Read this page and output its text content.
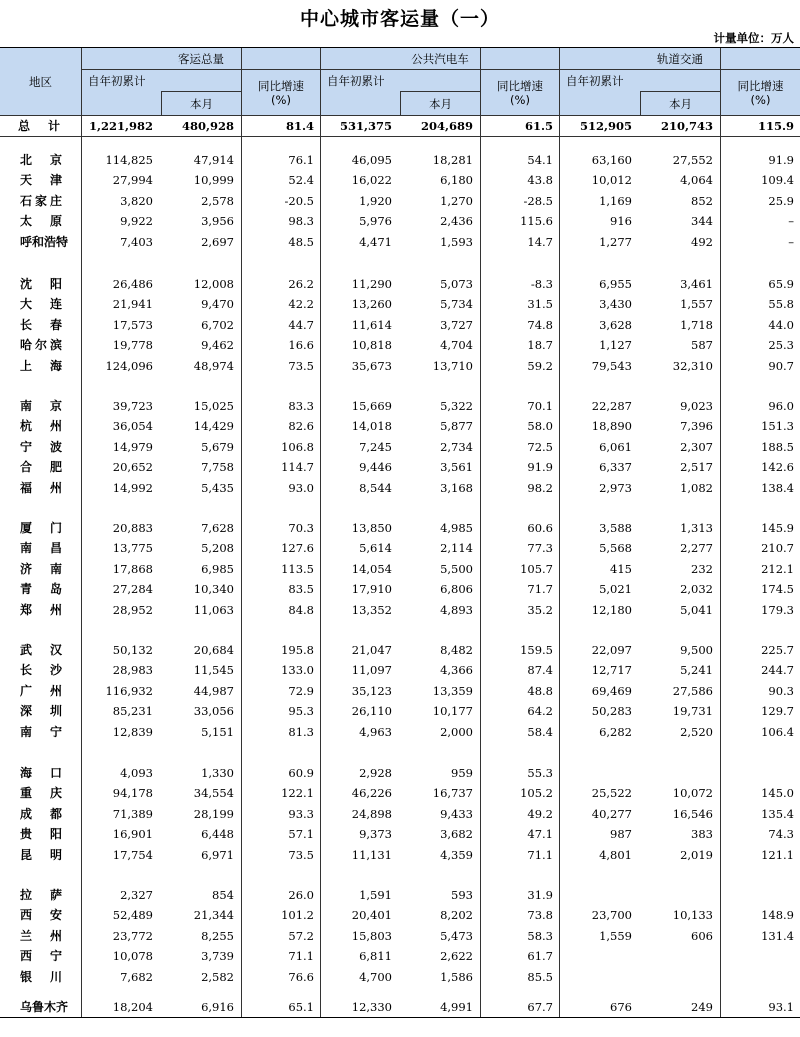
中心城市客运量（一）
计量单位：万人
地区
客运总量	公共汽电车	轨道交通
自年初累计
本月
同比增速
(%)
自年初累计
本月
同比增速
(%)
自年初累计
本月
同比增速
(%)
总　计	1,221,982	480,928	81.4	531,375	204,689	61.5	512,905	210,743	115.9
北京	114,825	47,914	76.1	46,095	18,281	54.1	63,160	27,552	91.9
天津	27,994	10,999	52.4	16,022	6,180	43.8	10,012	4,064	109.4
石家庄	3,820	2,578	-20.5	1,920	1,270	-28.5	1,169	852	25.9
太原	9,922	3,956	98.3	5,976	2,436	115.6	916	344	–
呼和浩特	7,403	2,697	48.5	4,471	1,593	14.7	1,277	492	–
沈阳	26,486	12,008	26.2	11,290	5,073	-8.3	6,955	3,461	65.9
大连	21,941	9,470	42.2	13,260	5,734	31.5	3,430	1,557	55.8
长春	17,573	6,702	44.7	11,614	3,727	74.8	3,628	1,718	44.0
哈尔滨	19,778	9,462	16.6	10,818	4,704	18.7	1,127	587	25.3
上海	124,096	48,974	73.5	35,673	13,710	59.2	79,543	32,310	90.7
南京	39,723	15,025	83.3	15,669	5,322	70.1	22,287	9,023	96.0
杭州	36,054	14,429	82.6	14,018	5,877	58.0	18,890	7,396	151.3
宁波	14,979	5,679	106.8	7,245	2,734	72.5	6,061	2,307	188.5
合肥	20,652	7,758	114.7	9,446	3,561	91.9	6,337	2,517	142.6
福州	14,992	5,435	93.0	8,544	3,168	98.2	2,973	1,082	138.4
厦门	20,883	7,628	70.3	13,850	4,985	60.6	3,588	1,313	145.9
南昌	13,775	5,208	127.6	5,614	2,114	77.3	5,568	2,277	210.7
济南	17,868	6,985	113.5	14,054	5,500	105.7	415	232	212.1
青岛	27,284	10,340	83.5	17,910	6,806	71.7	5,021	2,032	174.5
郑州	28,952	11,063	84.8	13,352	4,893	35.2	12,180	5,041	179.3
武汉	50,132	20,684	195.8	21,047	8,482	159.5	22,097	9,500	225.7
长沙	28,983	11,545	133.0	11,097	4,366	87.4	12,717	5,241	244.7
广州	116,932	44,987	72.9	35,123	13,359	48.8	69,469	27,586	90.3
深圳	85,231	33,056	95.3	26,110	10,177	64.2	50,283	19,731	129.7
南宁	12,839	5,151	81.3	4,963	2,000	58.4	6,282	2,520	106.4
海口	4,093	1,330	60.9	2,928	959	55.3
重庆	94,178	34,554	122.1	46,226	16,737	105.2	25,522	10,072	145.0
成都	71,389	28,199	93.3	24,898	9,433	49.2	40,277	16,546	135.4
贵阳	16,901	6,448	57.1	9,373	3,682	47.1	987	383	74.3
昆明	17,754	6,971	73.5	11,131	4,359	71.1	4,801	2,019	121.1
拉萨	2,327	854	26.0	1,591	593	31.9
西安	52,489	21,344	101.2	20,401	8,202	73.8	23,700	10,133	148.9
兰州	23,772	8,255	57.2	15,803	5,473	58.3	1,559	606	131.4
西宁	10,078	3,739	71.1	6,811	2,622	61.7
银川	7,682	2,582	76.6	4,700	1,586	85.5
乌鲁木齐	18,204	6,916	65.1	12,330	4,991	67.7	676	249	93.1
